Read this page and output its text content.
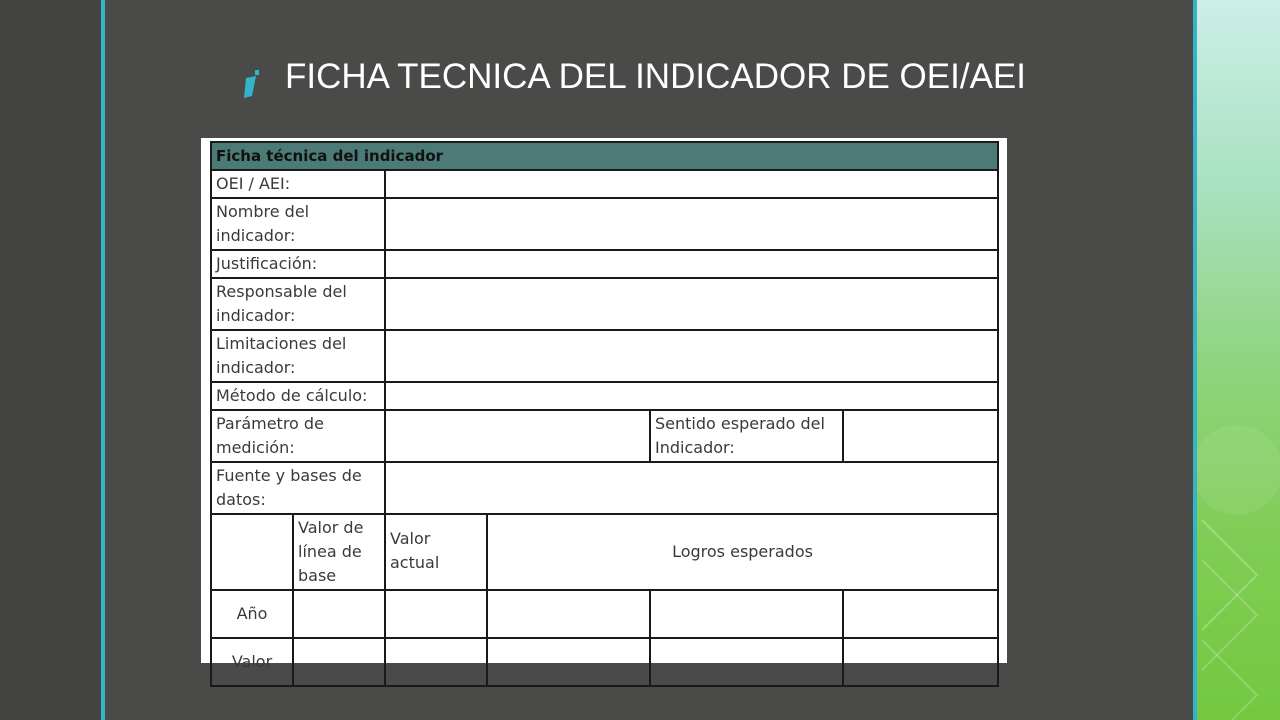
FICHA TECNICA DEL INDICADOR DE OEI/AEI
Ficha técnica del indicador					
OEI / AEI:					
Nombre del indicador:					
Justificación:					
Responsable del indicador:					
Limitaciones del indicador:					
Método de cálculo:					
Parámetro de medición:				Sentido esperado del Indicador:	
Fuente y bases de datos:					
	Valor de línea de base	Valor actual	Logros esperados		
Año					
Valor					
